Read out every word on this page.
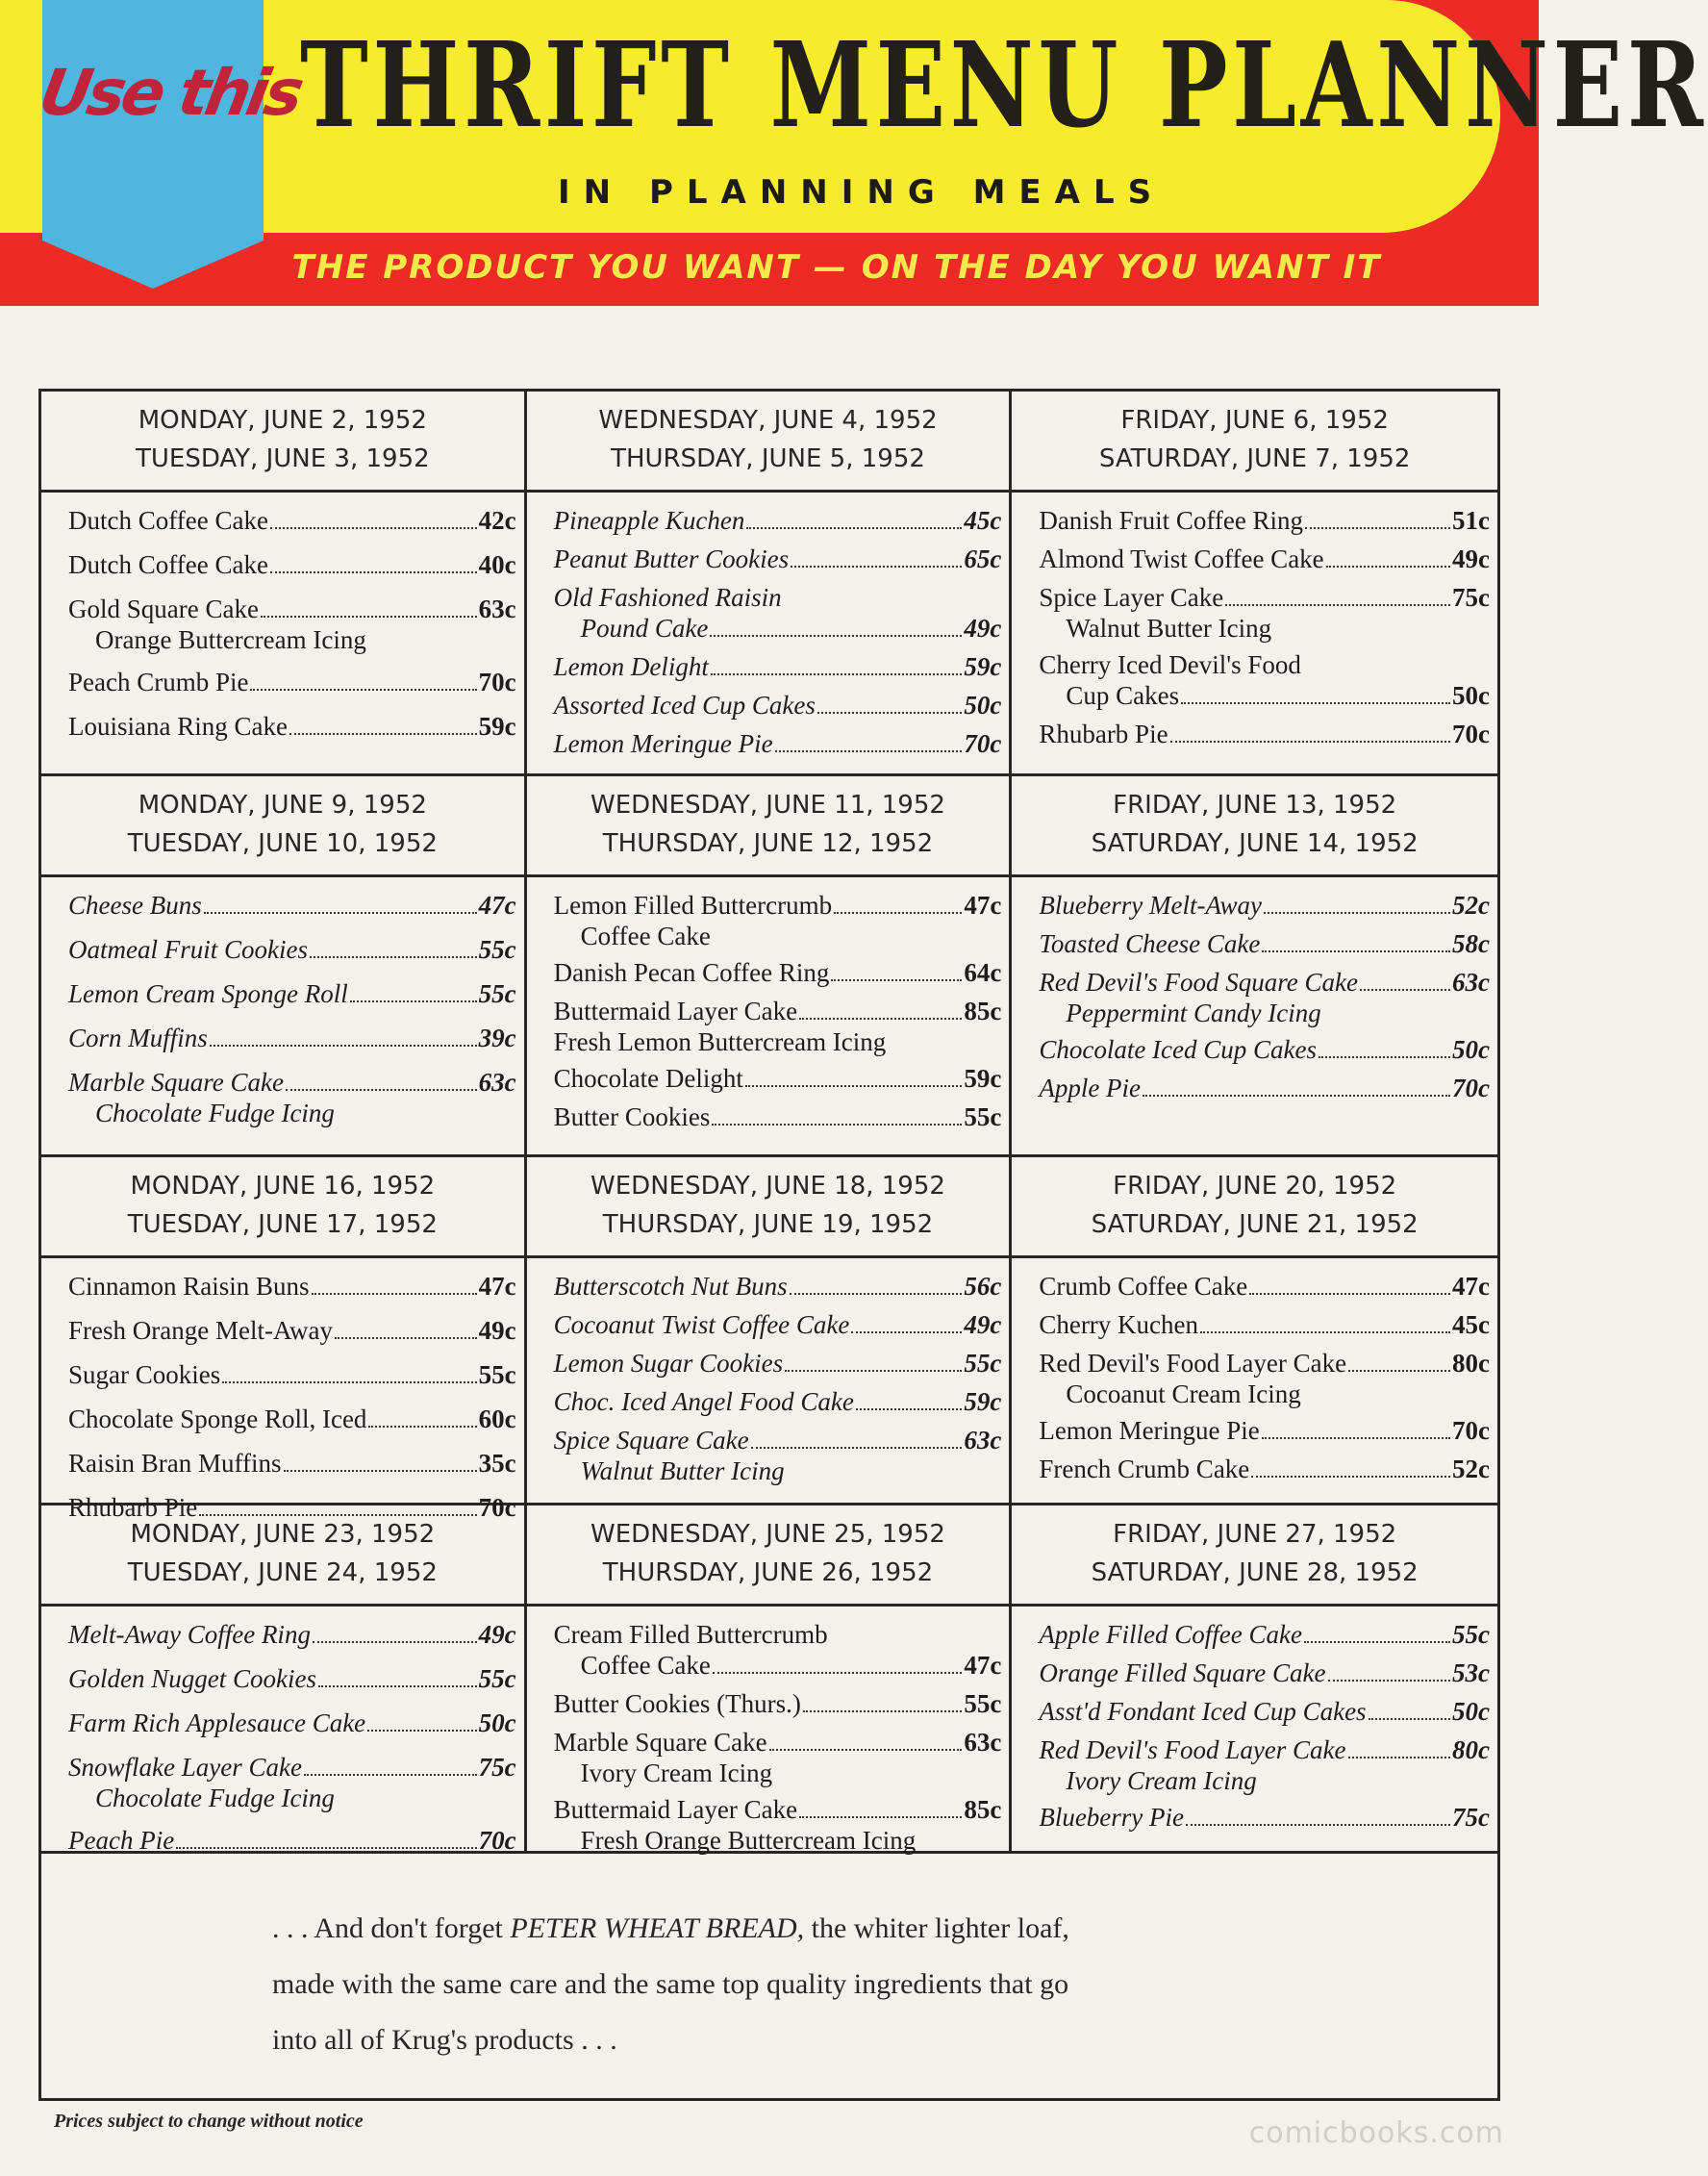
Use this
THRIFT MENU PLANNER
IN PLANNING MEALS
THE PRODUCT YOU WANT — ON THE DAY YOU WANT IT
MONDAY, JUNE 2, 1952
TUESDAY, JUNE 3, 1952
Dutch Coffee Cake	42c
Dutch Coffee Cake	40c
Gold Square Cake	63c
Orange Buttercream Icing
Peach Crumb Pie	70c
Louisiana Ring Cake	59c
WEDNESDAY, JUNE 4, 1952
THURSDAY, JUNE 5, 1952
Pineapple Kuchen	45c
Peanut Butter Cookies	65c
Old Fashioned Raisin
Pound Cake	49c
Lemon Delight	59c
Assorted Iced Cup Cakes	50c
Lemon Meringue Pie	70c
FRIDAY, JUNE 6, 1952
SATURDAY, JUNE 7, 1952
Danish Fruit Coffee Ring	51c
Almond Twist Coffee Cake	49c
Spice Layer Cake	75c
Walnut Butter Icing
Cherry Iced Devil's Food
Cup Cakes	50c
Rhubarb Pie	70c
MONDAY, JUNE 9, 1952
TUESDAY, JUNE 10, 1952
Cheese Buns	47c
Oatmeal Fruit Cookies	55c
Lemon Cream Sponge Roll	55c
Corn Muffins	39c
Marble Square Cake	63c
Chocolate Fudge Icing
WEDNESDAY, JUNE 11, 1952
THURSDAY, JUNE 12, 1952
Lemon Filled Buttercrumb	47c
Coffee Cake
Danish Pecan Coffee Ring	64c
Buttermaid Layer Cake	85c
Fresh Lemon Buttercream Icing
Chocolate Delight	59c
Butter Cookies	55c
FRIDAY, JUNE 13, 1952
SATURDAY, JUNE 14, 1952
Blueberry Melt-Away	52c
Toasted Cheese Cake	58c
Red Devil's Food Square Cake	63c
Peppermint Candy Icing
Chocolate Iced Cup Cakes	50c
Apple Pie	70c
MONDAY, JUNE 16, 1952
TUESDAY, JUNE 17, 1952
Cinnamon Raisin Buns	47c
Fresh Orange Melt-Away	49c
Sugar Cookies	55c
Chocolate Sponge Roll, Iced	60c
Raisin Bran Muffins	35c
Rhubarb Pie	70c
WEDNESDAY, JUNE 18, 1952
THURSDAY, JUNE 19, 1952
Butterscotch Nut Buns	56c
Cocoanut Twist Coffee Cake	49c
Lemon Sugar Cookies	55c
Choc. Iced Angel Food Cake	59c
Spice Square Cake	63c
Walnut Butter Icing
FRIDAY, JUNE 20, 1952
SATURDAY, JUNE 21, 1952
Crumb Coffee Cake	47c
Cherry Kuchen	45c
Red Devil's Food Layer Cake	80c
Cocoanut Cream Icing
Lemon Meringue Pie	70c
French Crumb Cake	52c
MONDAY, JUNE 23, 1952
TUESDAY, JUNE 24, 1952
Melt-Away Coffee Ring	49c
Golden Nugget Cookies	55c
Farm Rich Applesauce Cake	50c
Snowflake Layer Cake	75c
Chocolate Fudge Icing
Peach Pie	70c
WEDNESDAY, JUNE 25, 1952
THURSDAY, JUNE 26, 1952
Cream Filled Buttercrumb
Coffee Cake	47c
Butter Cookies (Thurs.)	55c
Marble Square Cake	63c
Ivory Cream Icing
Buttermaid Layer Cake	85c
Fresh Orange Buttercream Icing
FRIDAY, JUNE 27, 1952
SATURDAY, JUNE 28, 1952
Apple Filled Coffee Cake	55c
Orange Filled Square Cake	53c
Asst'd Fondant Iced Cup Cakes	50c
Red Devil's Food Layer Cake	80c
Ivory Cream Icing
Blueberry Pie	75c

. . . And don't forget PETER WHEAT BREAD, the whiter lighter loaf,

made with the same care and the same top quality ingredients that go

into all of Krug's products . . .

Prices subject to change without notice	comicbooks.com
